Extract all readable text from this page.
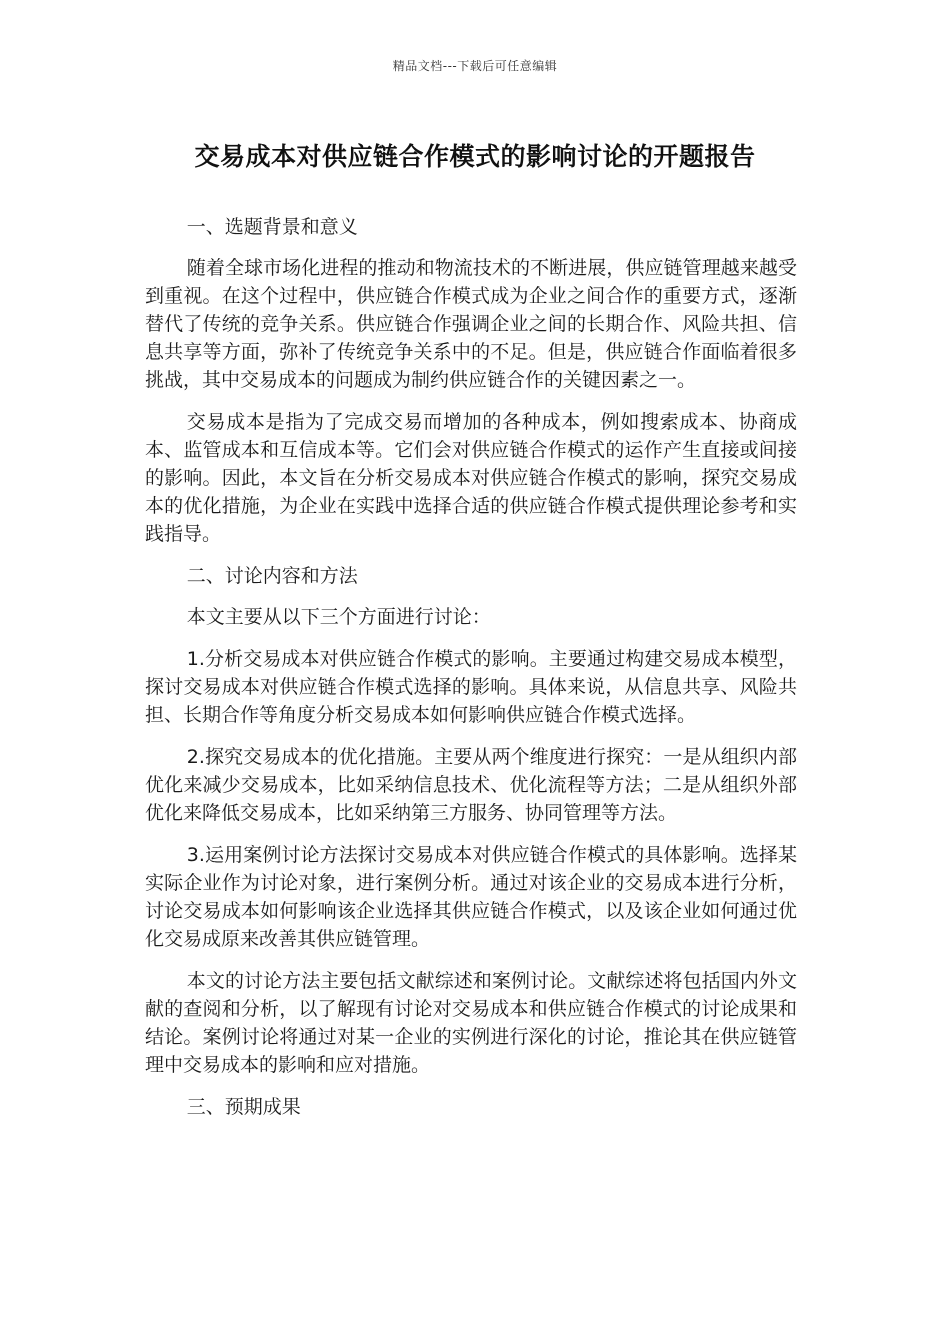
精品文档---下载后可任意编辑
交易成本对供应链合作模式的影响讨论的开题报告

一、选题背景和意义

随着全球市场化进程的推动和物流技术的不断进展，供应链管理越来越受到重视。在这个过程中，供应链合作模式成为企业之间合作的重要方式，逐渐替代了传统的竞争关系。供应链合作强调企业之间的长期合作、风险共担、信息共享等方面，弥补了传统竞争关系中的不足。但是，供应链合作面临着很多挑战，其中交易成本的问题成为制约供应链合作的关键因素之一。

交易成本是指为了完成交易而增加的各种成本，例如搜索成本、协商成本、监管成本和互信成本等。它们会对供应链合作模式的运作产生直接或间接的影响。因此，本文旨在分析交易成本对供应链合作模式的影响，探究交易成本的优化措施，为企业在实践中选择合适的供应链合作模式提供理论参考和实践指导。

二、讨论内容和方法

本文主要从以下三个方面进行讨论：

1.分析交易成本对供应链合作模式的影响。主要通过构建交易成本模型，探讨交易成本对供应链合作模式选择的影响。具体来说，从信息共享、风险共担、长期合作等角度分析交易成本如何影响供应链合作模式选择。

2.探究交易成本的优化措施。主要从两个维度进行探究：一是从组织内部优化来减少交易成本，比如采纳信息技术、优化流程等方法；二是从组织外部优化来降低交易成本，比如采纳第三方服务、协同管理等方法。

3.运用案例讨论方法探讨交易成本对供应链合作模式的具体影响。选择某实际企业作为讨论对象，进行案例分析。通过对该企业的交易成本进行分析，讨论交易成本如何影响该企业选择其供应链合作模式，以及该企业如何通过优化交易成原来改善其供应链管理。

本文的讨论方法主要包括文献综述和案例讨论。文献综述将包括国内外文献的查阅和分析，以了解现有讨论对交易成本和供应链合作模式的讨论成果和结论。案例讨论将通过对某一企业的实例进行深化的讨论，推论其在供应链管理中交易成本的影响和应对措施。

三、预期成果
